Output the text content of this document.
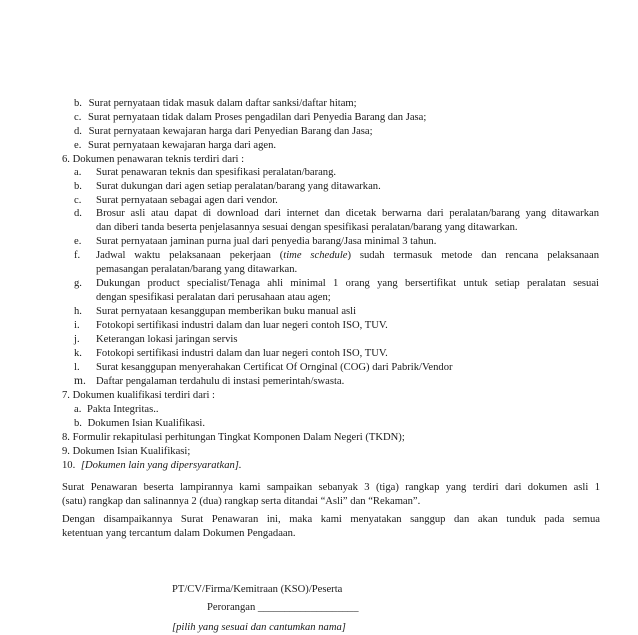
b. Surat pernyataan tidak masuk dalam daftar sanksi/daftar hitam;
c. Surat pernyataan tidak dalam Proses pengadilan dari Penyedia Barang dan Jasa;
d. Surat pernyataan kewajaran harga dari Penyedian Barang dan Jasa;
e. Surat pernyataan kewajaran harga dari agen.
6. Dokumen penawaran teknis terdiri dari :
a. Surat penawaran teknis dan spesifikasi peralatan/barang.
b. Surat dukungan dari agen setiap peralatan/barang yang ditawarkan.
c. Surat pernyataan sebagai agen dari vendor.
d. Brosur asli atau dapat di download dari internet dan dicetak berwarna dari peralatan/barang yang ditawarkan
dan diberi tanda beserta penjelasannya sesuai dengan spesifikasi peralatan/barang yang ditawarkan.
e. Surat pernyataan jaminan purna jual dari penyedia barang/Jasa minimal 3 tahun.
f. Jadwal waktu pelaksanaan pekerjaan (time schedule) sudah termasuk metode dan rencana pelaksanaan
pemasangan peralatan/barang yang ditawarkan.
g. Dukungan product specialist/Tenaga ahli minimal 1 orang yang bersertifikat untuk setiap peralatan sesuai
dengan spesifikasi peralatan dari perusahaan atau agen;
h. Surat pernyataan kesanggupan memberikan buku manual asli
i. Fotokopi sertifikasi industri dalam dan luar negeri contoh ISO, TUV.
j. Keterangan lokasi jaringan servis
k. Fotokopi sertifikasi industri dalam dan luar negeri contoh ISO, TUV.
l. Surat kesanggupan menyerahakan Certificat Of Ornginal (COG) dari Pabrik/Vendor
m. Daftar pengalaman terdahulu di instasi pemerintah/swasta.
7. Dokumen kualifikasi terdiri dari :
a. Pakta Integritas..
b. Dokumen Isian Kualifikasi.
8. Formulir rekapitulasi perhitungan Tingkat Komponen Dalam Negeri (TKDN);
9. Dokumen Isian Kualifikasi;
10. [Dokumen lain yang dipersyaratkan].
Surat Penawaran beserta lampirannya kami sampaikan sebanyak 3 (tiga) rangkap yang terdiri dari dokumen asli 1
(satu) rangkap dan salinannya 2 (dua) rangkap serta ditandai “Asli” dan “Rekaman”.
Dengan disampaikannya Surat Penawaran ini, maka kami menyatakan sanggup dan akan tunduk pada semua
ketentuan yang tercantum dalam Dokumen Pengadaan.
PT/CV/Firma/Kemitraan (KSO)/Peserta
Perorangan ___________________
[pilih yang sesuai dan cantumkan nama]
